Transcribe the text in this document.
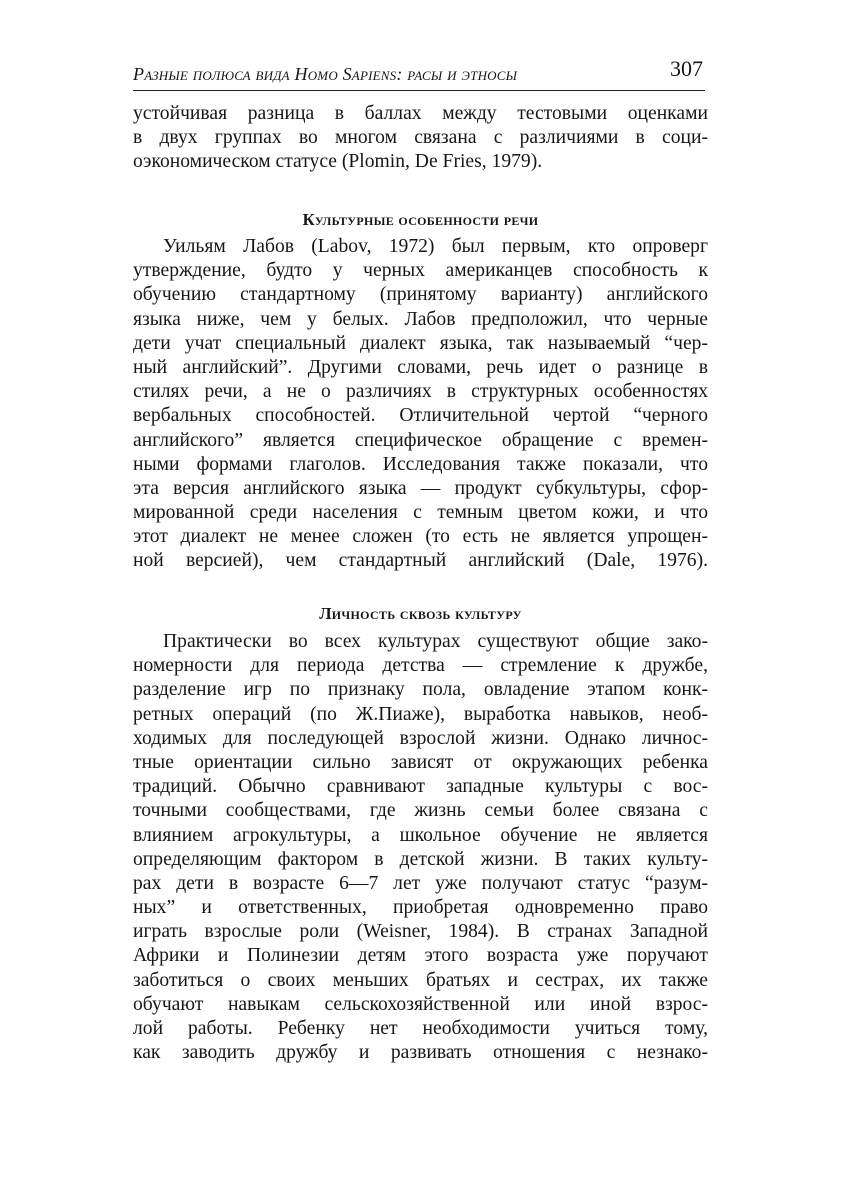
Разные полюса вида Homo Sapiens: расы и этносы	307
устойчивая разница в баллах между тестовыми оценками
в двух группах во многом связана с различиями в соци-
оэкономическом статусе (Plomin, De Fries, 1979).
Культурные особенности речи
Уильям Лабов (Labov, 1972) был первым, кто опроверг
утверждение, будто у черных американцев способность к
обучению стандартному (принятому варианту) английского
языка ниже, чем у белых. Лабов предположил, что черные
дети учат специальный диалект языка, так называемый “чер-
ный английский”. Другими словами, речь идет о разнице в
стилях речи, а не о различиях в структурных особенностях
вербальных способностей. Отличительной чертой “черного
английского” является специфическое обращение с времен-
ными формами глаголов. Исследования также показали, что
эта версия английского языка — продукт субкультуры, сфор-
мированной среди населения с темным цветом кожи, и что
этот диалект не менее сложен (то есть не является упрощен-
ной версией), чем стандартный английский (Dale, 1976).
Личность сквозь культуру
Практически во всех культурах существуют общие зако-
номерности для периода детства — стремление к дружбе,
разделение игр по признаку пола, овладение этапом конк-
ретных операций (по Ж.Пиаже), выработка навыков, необ-
ходимых для последующей взрослой жизни. Однако личнос-
тные ориентации сильно зависят от окружающих ребенка
традиций. Обычно сравнивают западные культуры с вос-
точными сообществами, где жизнь семьи более связана с
влиянием агрокультуры, а школьное обучение не является
определяющим фактором в детской жизни. В таких культу-
рах дети в возрасте 6—7 лет уже получают статус “разум-
ных” и ответственных, приобретая одновременно право
играть взрослые роли (Weisner, 1984). В странах Западной
Африки и Полинезии детям этого возраста уже поручают
заботиться о своих меньших братьях и сестрах, их также
обучают навыкам сельскохозяйственной или иной взрос-
лой работы. Ребенку нет необходимости учиться тому,
как заводить дружбу и развивать отношения с незнако-
